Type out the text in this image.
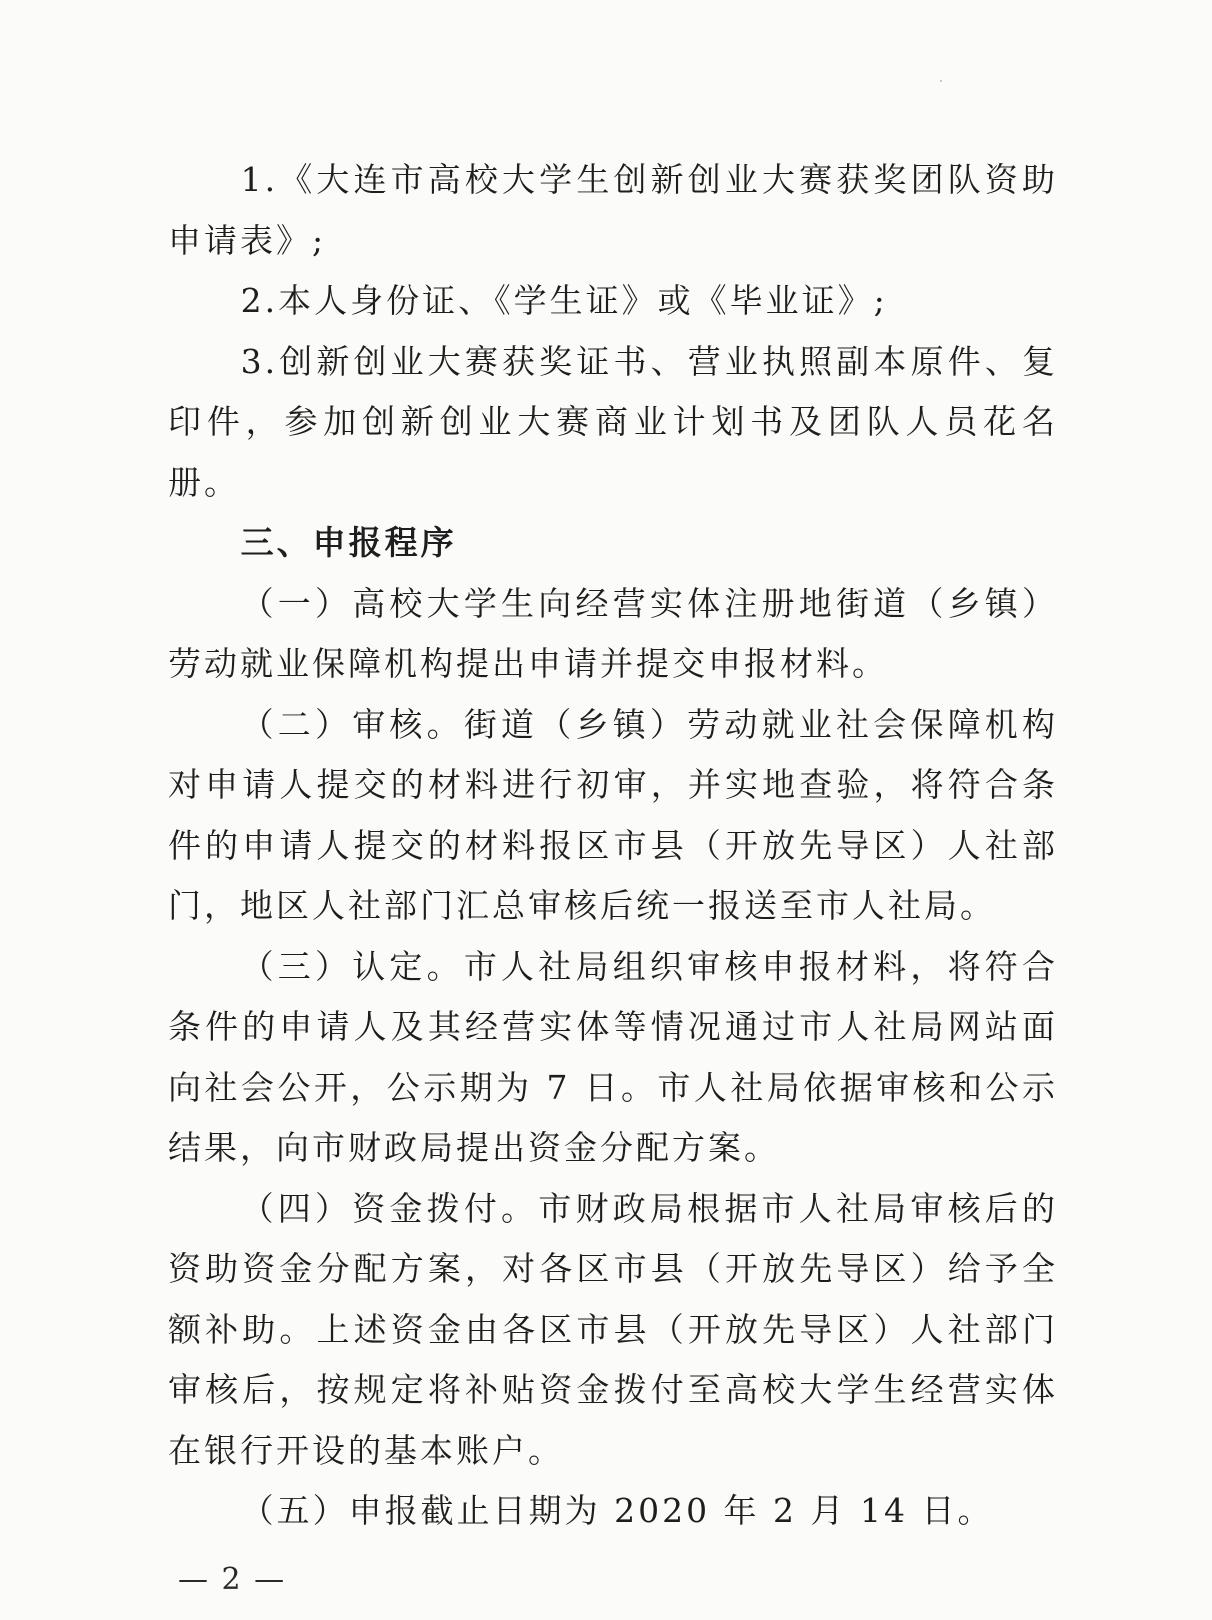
1.《大连市高校大学生创新创业大赛获奖团队资助申请表》;

2.本人身份证、《学生证》或《毕业证》;

3.创新创业大赛获奖证书、营业执照副本原件、复印件，参加创新创业大赛商业计划书及团队人员花名册。

三、申报程序

（一）高校大学生向经营实体注册地街道（乡镇）劳动就业保障机构提出申请并提交申报材料。

（二）审核。街道（乡镇）劳动就业社会保障机构对申请人提交的材料进行初审，并实地查验，将符合条件的申请人提交的材料报区市县（开放先导区）人社部门，地区人社部门汇总审核后统一报送至市人社局。

（三）认定。市人社局组织审核申报材料，将符合条件的申请人及其经营实体等情况通过市人社局网站面向社会公开，公示期为 7 日。市人社局依据审核和公示结果，向市财政局提出资金分配方案。

（四）资金拨付。市财政局根据市人社局审核后的资助资金分配方案，对各区市县（开放先导区）给予全额补助。上述资金由各区市县（开放先导区）人社部门审核后，按规定将补贴资金拨付至高校大学生经营实体在银行开设的基本账户。

（五）申报截止日期为 2020 年 2 月 14 日。

— 2 —
